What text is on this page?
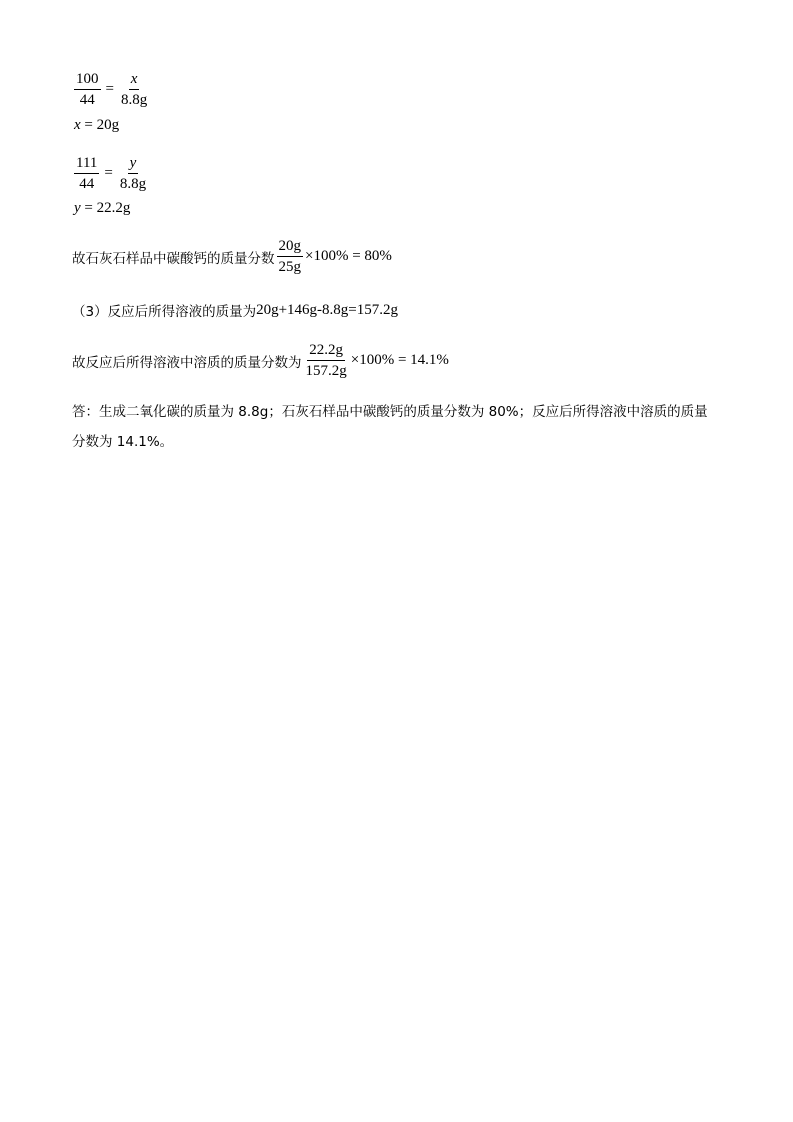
$\frac{100}{44} = \frac{x}{8.8g}$
x = 20g
$\frac{111}{44} = \frac{y}{8.8g}$
y = 22.2g
故石灰石样品中碳酸钙的质量分数 $\frac{20g}{25g} \times 100\% = 80\%$
（3）反应后所得溶液的质量为 20g+146g-8.8g=157.2g
故反应后所得溶液中溶质的质量分数为 $\frac{22.2g}{157.2g} \times 100\% = 14.1\%$
答：生成二氧化碳的质量为 8.8g；石灰石样品中碳酸钙的质量分数为 80%；反应后所得溶液中溶质的质量
分数为 14.1%。
